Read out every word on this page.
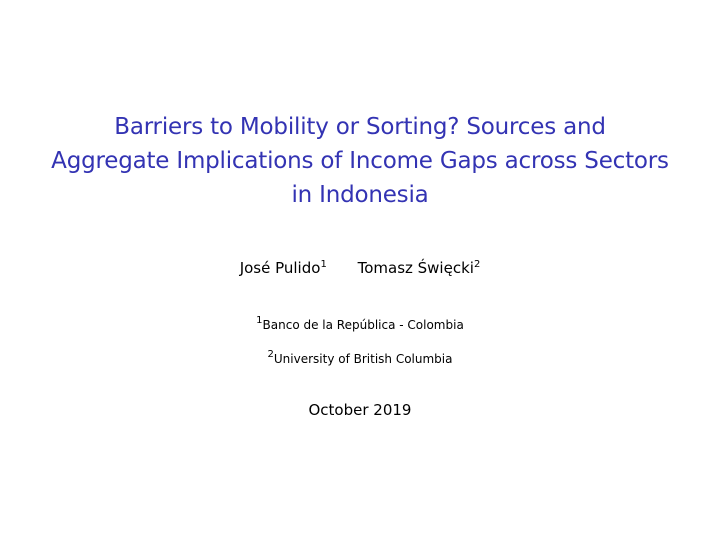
Barriers to Mobility or Sorting? Sources and
Aggregate Implications of Income Gaps across Sectors
in Indonesia
José Pulido$^1$ Tomasz Święcki$^2$
$^1$Banco de la República - Colombia
$^2$University of British Columbia
October 2019
